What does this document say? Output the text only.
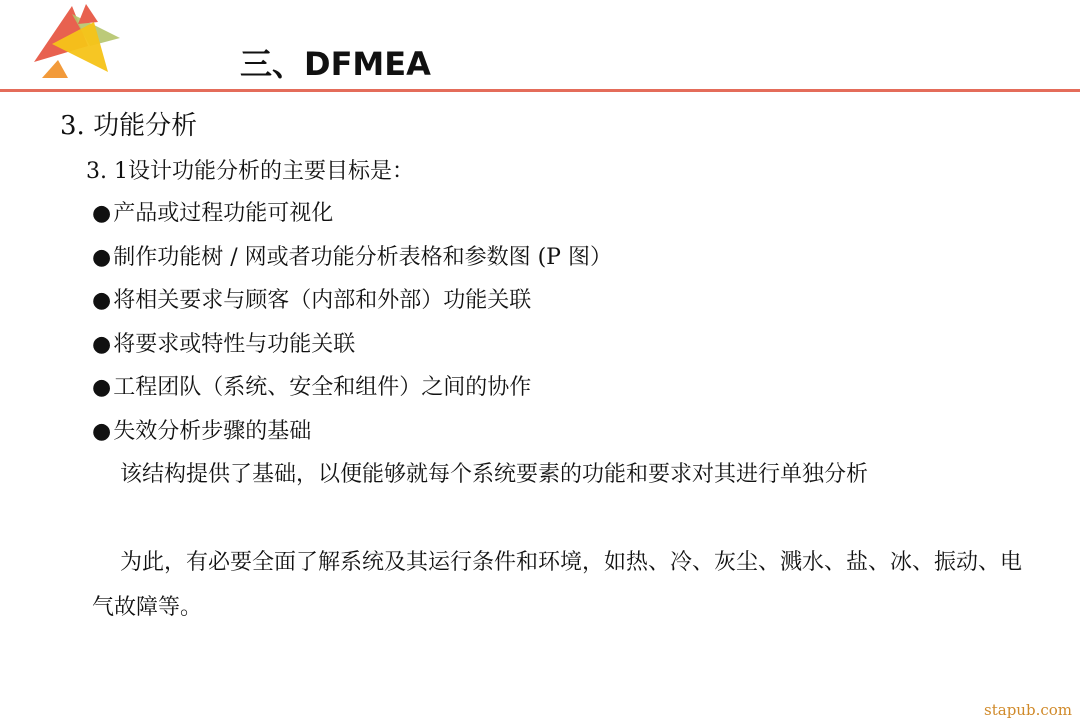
三、DFMEA
3. 功能分析
3. 1设计功能分析的主要目标是：
●产品或过程功能可视化
●制作功能树 / 网或者功能分析表格和参数图 (P 图）
●将相关要求与顾客（内部和外部）功能关联
●将要求或特性与功能关联
●工程团队（系统、安全和组件）之间的协作
●失效分析步骤的基础

该结构提供了基础，以便能够就每个系统要素的功能和要求对其进行单独分析

为此，有必要全面了解系统及其运行条件和环境，如热、冷、灰尘、溅水、盐、冰、振动、电气故障等。

stapub.com
